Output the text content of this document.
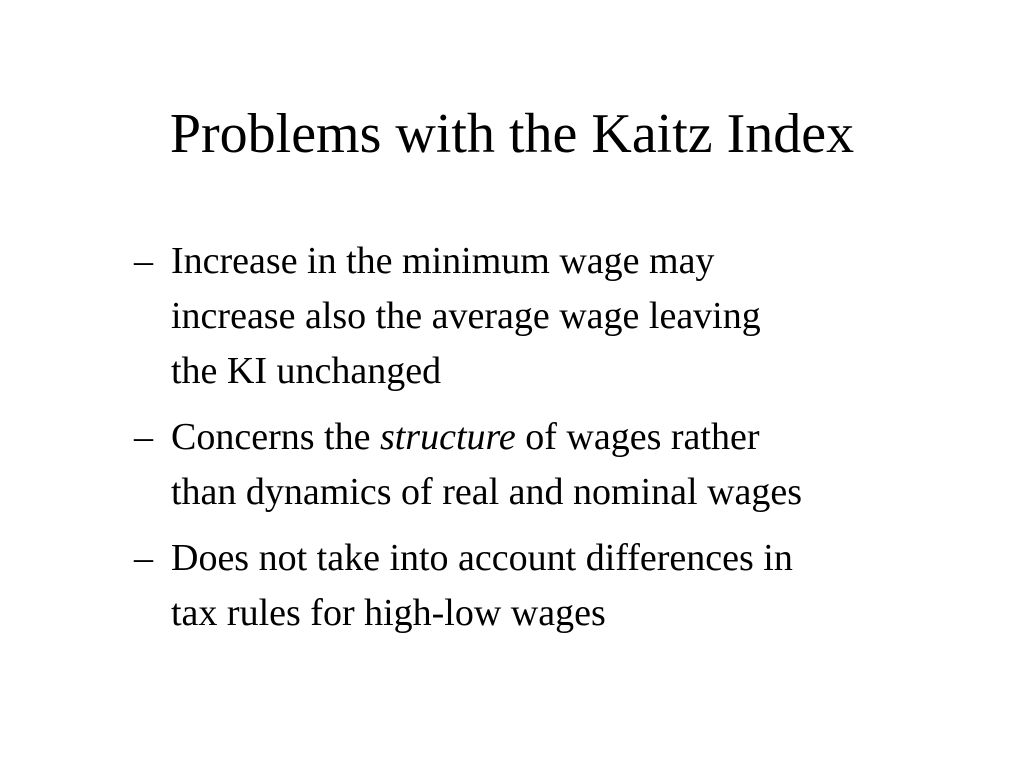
Problems with the Kaitz Index
– Increase in the minimum wage may
increase also the average wage leaving
the KI unchanged
– Concerns the structure of wages rather
than dynamics of real and nominal wages
– Does not take into account differences in
tax rules for high-low wages
